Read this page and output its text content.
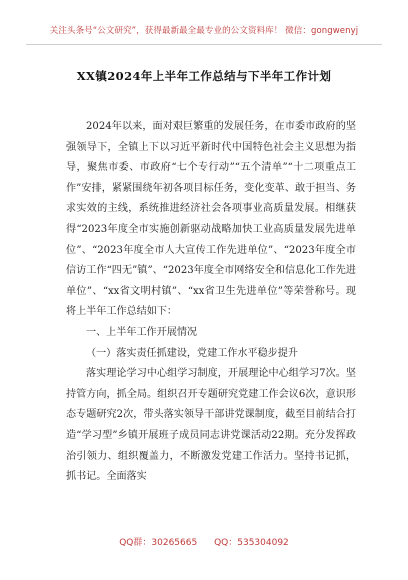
关注头条号“公文研究”，获得最新最全最专业的公文资料库！ 微信：gongwenyj
XX镇2024年上半年工作总结与下半年工作计划

2024年以来，面对艰巨繁重的发展任务，在市委市政府的坚强领导下，全镇上下以习近平新时代中国特色社会主义思想为指导，聚焦市委、市政府“七个专行动”“五个清单”“十二项重点工作”安排，紧紧围绕年初各项目标任务，变化变革、敢于担当、务求实效的主线，系统推进经济社会各项事业高质量发展。相继获得“2023年度全市实施创新驱动战略加快工业高质量发展先进单位”、“2023年度全市人大宣传工作先进单位”、“2023年度全市信访工作“四无”镇”、“2023年度全市网络安全和信息化工作先进单位”、“xx省文明村镇”、“xx省卫生先进单位”等荣誉称号。现将上半年工作总结如下：

一、上半年工作开展情况

（一）落实责任抓建设，党建工作水平稳步提升

落实理论学习中心组学习制度，开展理论中心组学习7次。坚持管方向，抓全局。组织召开专题研究党建工作会议6次，意识形态专题研究2次，带头落实领导干部讲党课制度，截至目前结合打造“学习型”乡镇开展班子成员同志讲党课活动22期。充分发挥政治引领力、组织覆盖力，不断激发党建工作活力。坚持书记抓，抓书记。全面落实

QQ群：30265665 QQ：535304092
